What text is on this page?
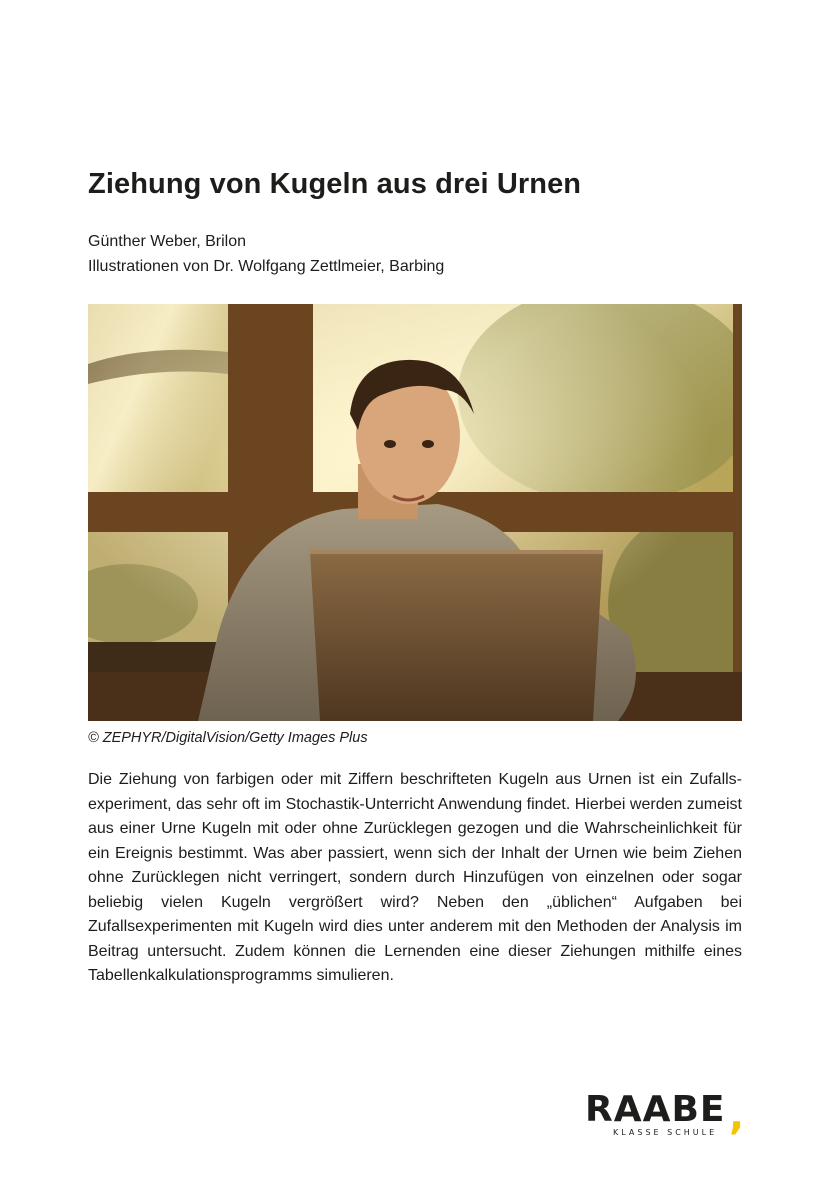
Ziehung von Kugeln aus drei Urnen
Günther Weber, Brilon
Illustrationen von Dr. Wolfgang Zettlmeier, Barbing
© ZEPHYR/DigitalVision/Getty Images Plus

Die Ziehung von farbigen oder mit Ziffern beschrifteten Kugeln aus Urnen ist ein Zufallsexperiment, das sehr oft im Stochastik-Unterricht Anwendung findet. Hierbei werden zumeist aus einer Urne Kugeln mit oder ohne Zurücklegen gezogen und die Wahrscheinlichkeit für ein Ereignis bestimmt. Was aber passiert, wenn sich der Inhalt der Urnen wie beim Ziehen ohne Zurücklegen nicht verringert, sondern durch Hinzufügen von einzelnen oder sogar beliebig vielen Kugeln vergrößert wird? Neben den „üblichen“ Aufgaben bei Zufallsexperimenten mit Kugeln wird dies unter anderem mit den Methoden der Analysis im Beitrag untersucht. Zudem können die Lernenden eine dieser Ziehungen mithilfe eines Tabellenkalkulationsprogramms simulieren.

RAABE ,
KLASSE SCHULE
